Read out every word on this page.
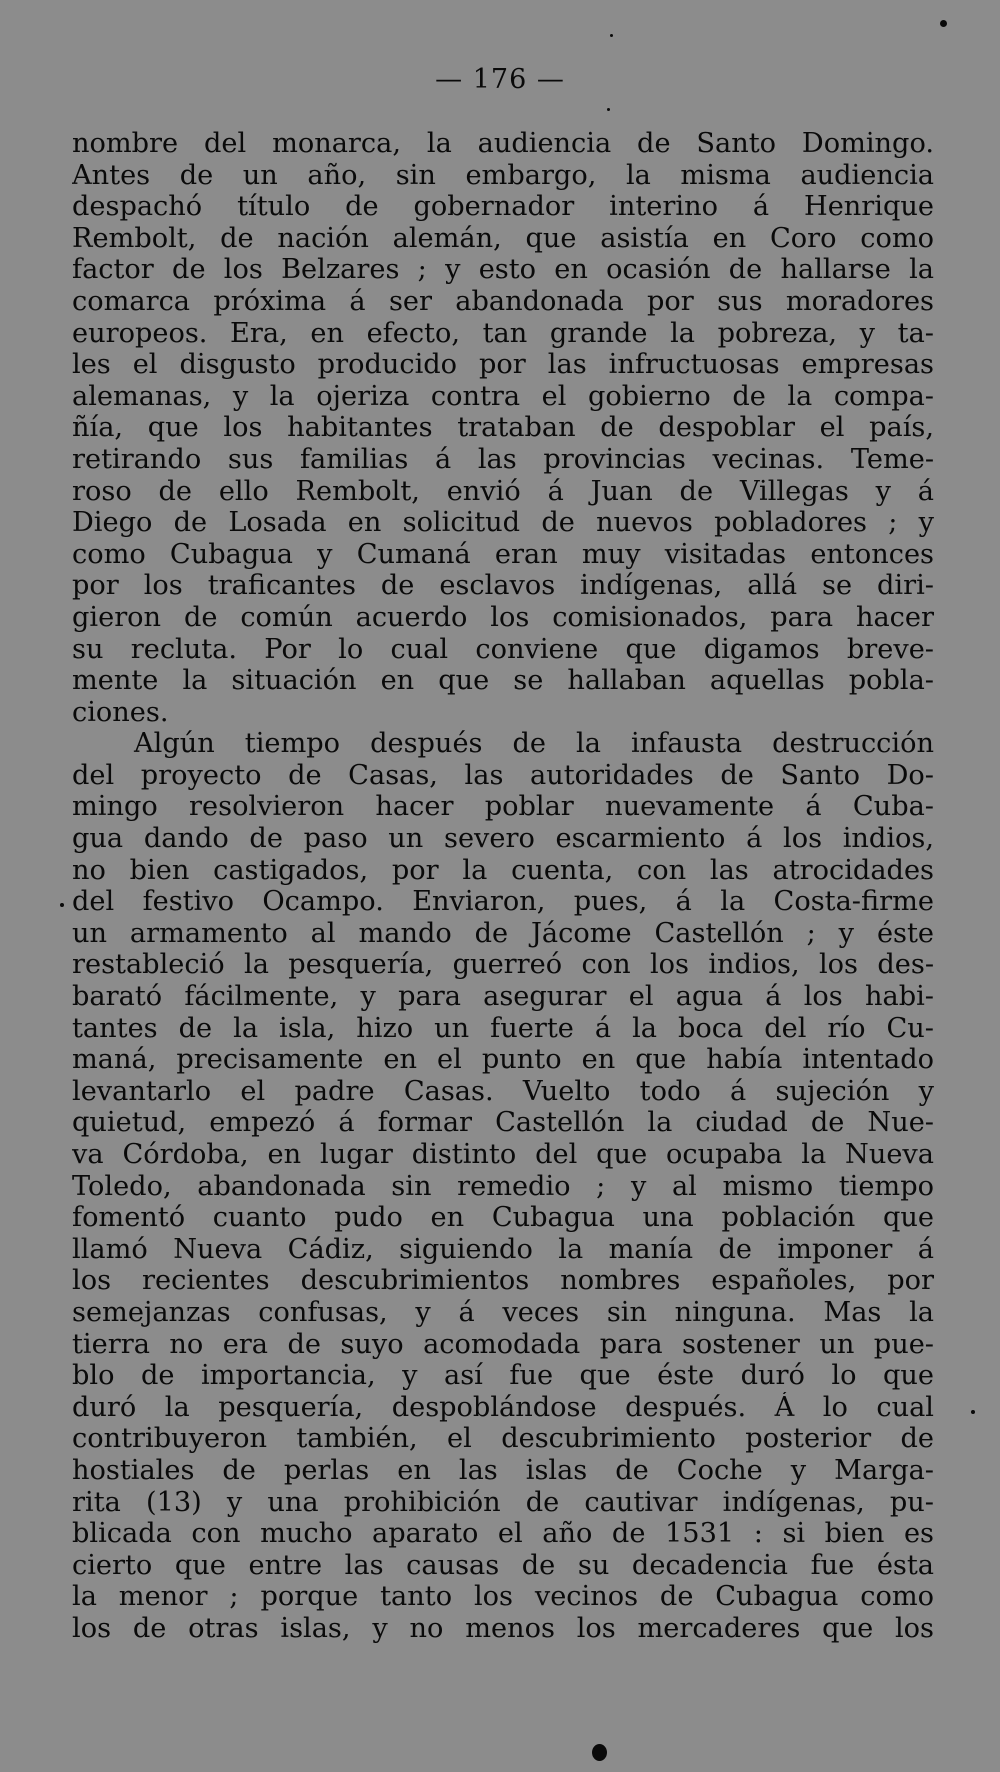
— 176 —
nombre del monarca, la audiencia de Santo Domingo.
Antes de un año, sin embargo, la misma audiencia
despachó título de gobernador interino á Henrique
Rembolt, de nación alemán, que asistía en Coro como
factor de los Belzares ; y esto en ocasión de hallarse la
comarca próxima á ser abandonada por sus moradores
europeos. Era, en efecto, tan grande la pobreza, y ta-
les el disgusto producido por las infructuosas empresas
alemanas, y la ojeriza contra el gobierno de la compa-
ñía, que los habitantes trataban de despoblar el país,
retirando sus familias á las provincias vecinas. Teme-
roso de ello Rembolt, envió á Juan de Villegas y á
Diego de Losada en solicitud de nuevos pobladores ; y
como Cubagua y Cumaná eran muy visitadas entonces
por los traficantes de esclavos indígenas, allá se diri-
gieron de común acuerdo los comisionados, para hacer
su recluta. Por lo cual conviene que digamos breve-
mente la situación en que se hallaban aquellas pobla-
ciones.
Algún tiempo después de la infausta destrucción
del proyecto de Casas, las autoridades de Santo Do-
mingo resolvieron hacer poblar nuevamente á Cuba-
gua dando de paso un severo escarmiento á los indios,
no bien castigados, por la cuenta, con las atrocidades
del festivo Ocampo. Enviaron, pues, á la Costa-firme
un armamento al mando de Jácome Castellón ; y éste
restableció la pesquería, guerreó con los indios, los des-
barató fácilmente, y para asegurar el agua á los habi-
tantes de la isla, hizo un fuerte á la boca del río Cu-
maná, precisamente en el punto en que había intentado
levantarlo el padre Casas. Vuelto todo á sujeción y
quietud, empezó á formar Castellón la ciudad de Nue-
va Córdoba, en lugar distinto del que ocupaba la Nueva
Toledo, abandonada sin remedio ; y al mismo tiempo
fomentó cuanto pudo en Cubagua una población que
llamó Nueva Cádiz, siguiendo la manía de imponer á
los recientes descubrimientos nombres españoles, por
semejanzas confusas, y á veces sin ninguna. Mas la
tierra no era de suyo acomodada para sostener un pue-
blo de importancia, y así fue que éste duró lo que
duró la pesquería, despoblándose después. Á lo cual
contribuyeron también, el descubrimiento posterior de
hostiales de perlas en las islas de Coche y Marga-
rita (13) y una prohibición de cautivar indígenas, pu-
blicada con mucho aparato el año de 1531 : si bien es
cierto que entre las causas de su decadencia fue ésta
la menor ; porque tanto los vecinos de Cubagua como
los de otras islas, y no menos los mercaderes que los
